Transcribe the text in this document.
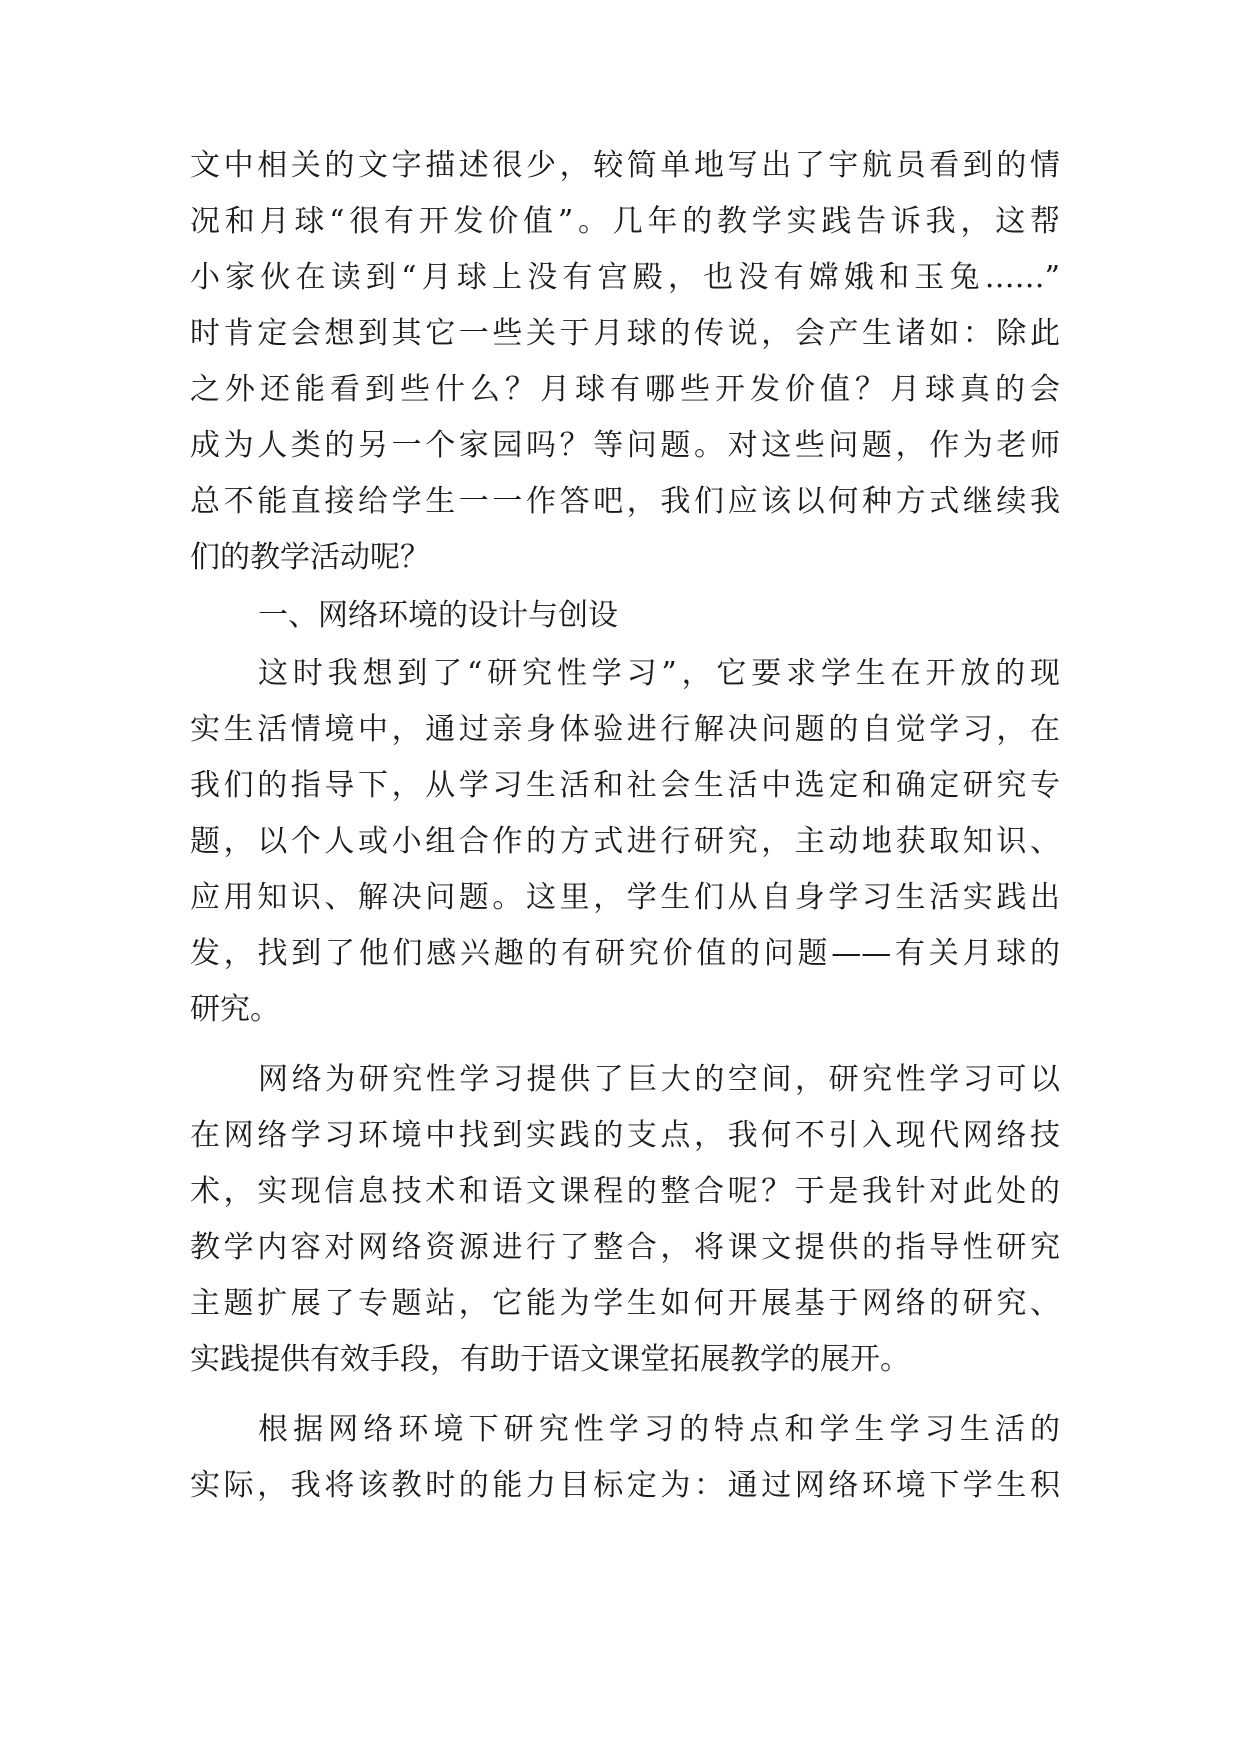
文中相关的文字描述很少，较简单地写出了宇航员看到的情
况和月球“很有开发价值”。几年的教学实践告诉我，这帮
小家伙在读到“月球上没有宫殿，也没有嫦娥和玉兔……”
时肯定会想到其它一些关于月球的传说，会产生诸如：除此
之外还能看到些什么？月球有哪些开发价值？月球真的会
成为人类的另一个家园吗？等问题。对这些问题，作为老师
总不能直接给学生一一作答吧，我们应该以何种方式继续我
们的教学活动呢？
一、网络环境的设计与创设
这时我想到了“研究性学习”，它要求学生在开放的现
实生活情境中，通过亲身体验进行解决问题的自觉学习，在
我们的指导下，从学习生活和社会生活中选定和确定研究专
题，以个人或小组合作的方式进行研究，主动地获取知识、
应用知识、解决问题。这里，学生们从自身学习生活实践出
发，找到了他们感兴趣的有研究价值的问题——有关月球的
研究。
网络为研究性学习提供了巨大的空间，研究性学习可以
在网络学习环境中找到实践的支点，我何不引入现代网络技
术，实现信息技术和语文课程的整合呢？于是我针对此处的
教学内容对网络资源进行了整合，将课文提供的指导性研究
主题扩展了专题站，它能为学生如何开展基于网络的研究、
实践提供有效手段，有助于语文课堂拓展教学的展开。
根据网络环境下研究性学习的特点和学生学习生活的
实际，我将该教时的能力目标定为：通过网络环境下学生积
